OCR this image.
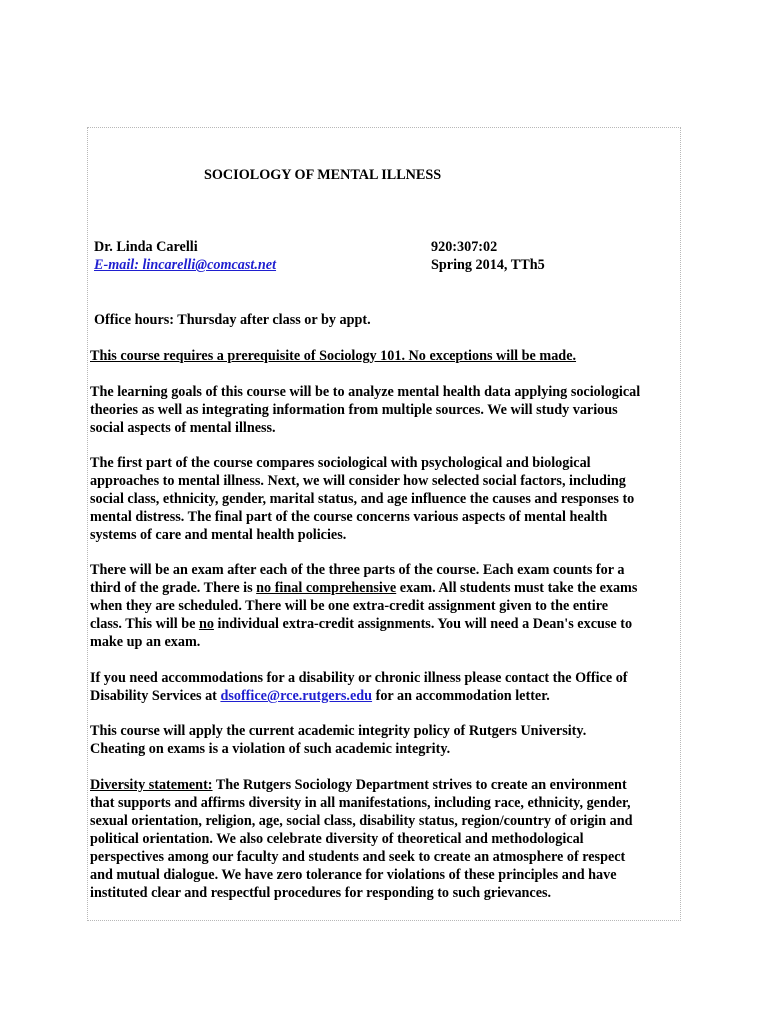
SOCIOLOGY OF MENTAL ILLNESS
Dr. Linda Carelli
E-mail: lincarelli@comcast.net
920:307:02
Spring 2014, TTh5
Office hours: Thursday after class or by appt.

This course requires a prerequisite of Sociology 101. No exceptions will be made.

The learning goals of this course will be to analyze mental health data applying sociological
theories as well as integrating information from multiple sources. We will study various
social aspects of mental illness.

The first part of the course compares sociological with psychological and biological
approaches to mental illness. Next, we will consider how selected social factors, including
social class, ethnicity, gender, marital status, and age influence the causes and responses to
mental distress. The final part of the course concerns various aspects of mental health
systems of care and mental health policies.

There will be an exam after each of the three parts of the course. Each exam counts for a
third of the grade. There is no final comprehensive exam. All students must take the exams
when they are scheduled. There will be one extra-credit assignment given to the entire
class. This will be no individual extra-credit assignments. You will need a Dean's excuse to
make up an exam.

If you need accommodations for a disability or chronic illness please contact the Office of
Disability Services at dsoffice@rce.rutgers.edu for an accommodation letter.

This course will apply the current academic integrity policy of Rutgers University.
Cheating on exams is a violation of such academic integrity.

Diversity statement: The Rutgers Sociology Department strives to create an environment
that supports and affirms diversity in all manifestations, including race, ethnicity, gender,
sexual orientation, religion, age, social class, disability status, region/country of origin and
political orientation. We also celebrate diversity of theoretical and methodological
perspectives among our faculty and students and seek to create an atmosphere of respect
and mutual dialogue. We have zero tolerance for violations of these principles and have
instituted clear and respectful procedures for responding to such grievances.
